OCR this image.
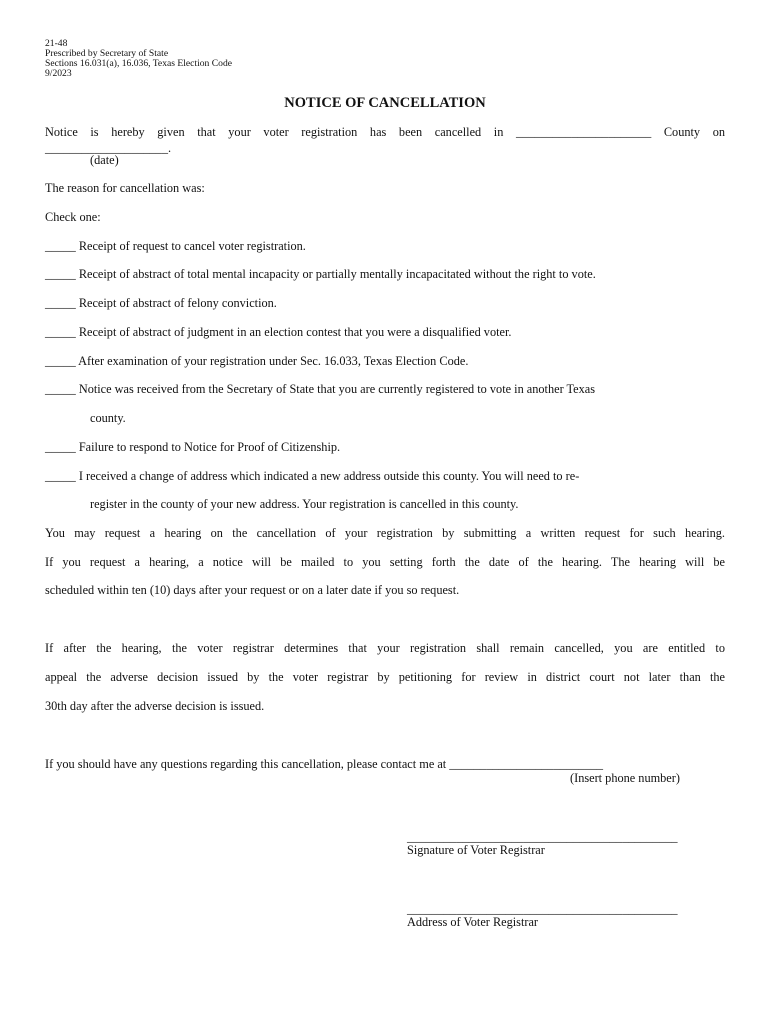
21-48
Prescribed by Secretary of State
Sections 16.031(a), 16.036, Texas Election Code
9/2023
NOTICE OF CANCELLATION
Notice is hereby given that your voter registration has been cancelled in ______________________ County on
____________________.
(date)
The reason for cancellation was:
Check one:
_____ Receipt of request to cancel voter registration.
_____ Receipt of abstract of total mental incapacity or partially mentally incapacitated without the right to vote.
_____ Receipt of abstract of felony conviction.
_____ Receipt of abstract of judgment in an election contest that you were a disqualified voter.
_____ After examination of your registration under Sec. 16.033, Texas Election Code.
_____ Notice was received from the Secretary of State that you are currently registered to vote in another Texas
county.
_____ Failure to respond to Notice for Proof of Citizenship.
_____ I received a change of address which indicated a new address outside this county. You will need to re-
register in the county of your new address. Your registration is cancelled in this county.
You may request a hearing on the cancellation of your registration by submitting a written request for such hearing.
If you request a hearing, a notice will be mailed to you setting forth the date of the hearing. The hearing will be
scheduled within ten (10) days after your request or on a later date if you so request.
If after the hearing, the voter registrar determines that your registration shall remain cancelled, you are entitled to
appeal the adverse decision issued by the voter registrar by petitioning for review in district court not later than the
30th day after the adverse decision is issued.
If you should have any questions regarding this cancellation, please contact me at _________________________
(Insert phone number)
____________________________________________
Signature of Voter Registrar
____________________________________________
Address of Voter Registrar
